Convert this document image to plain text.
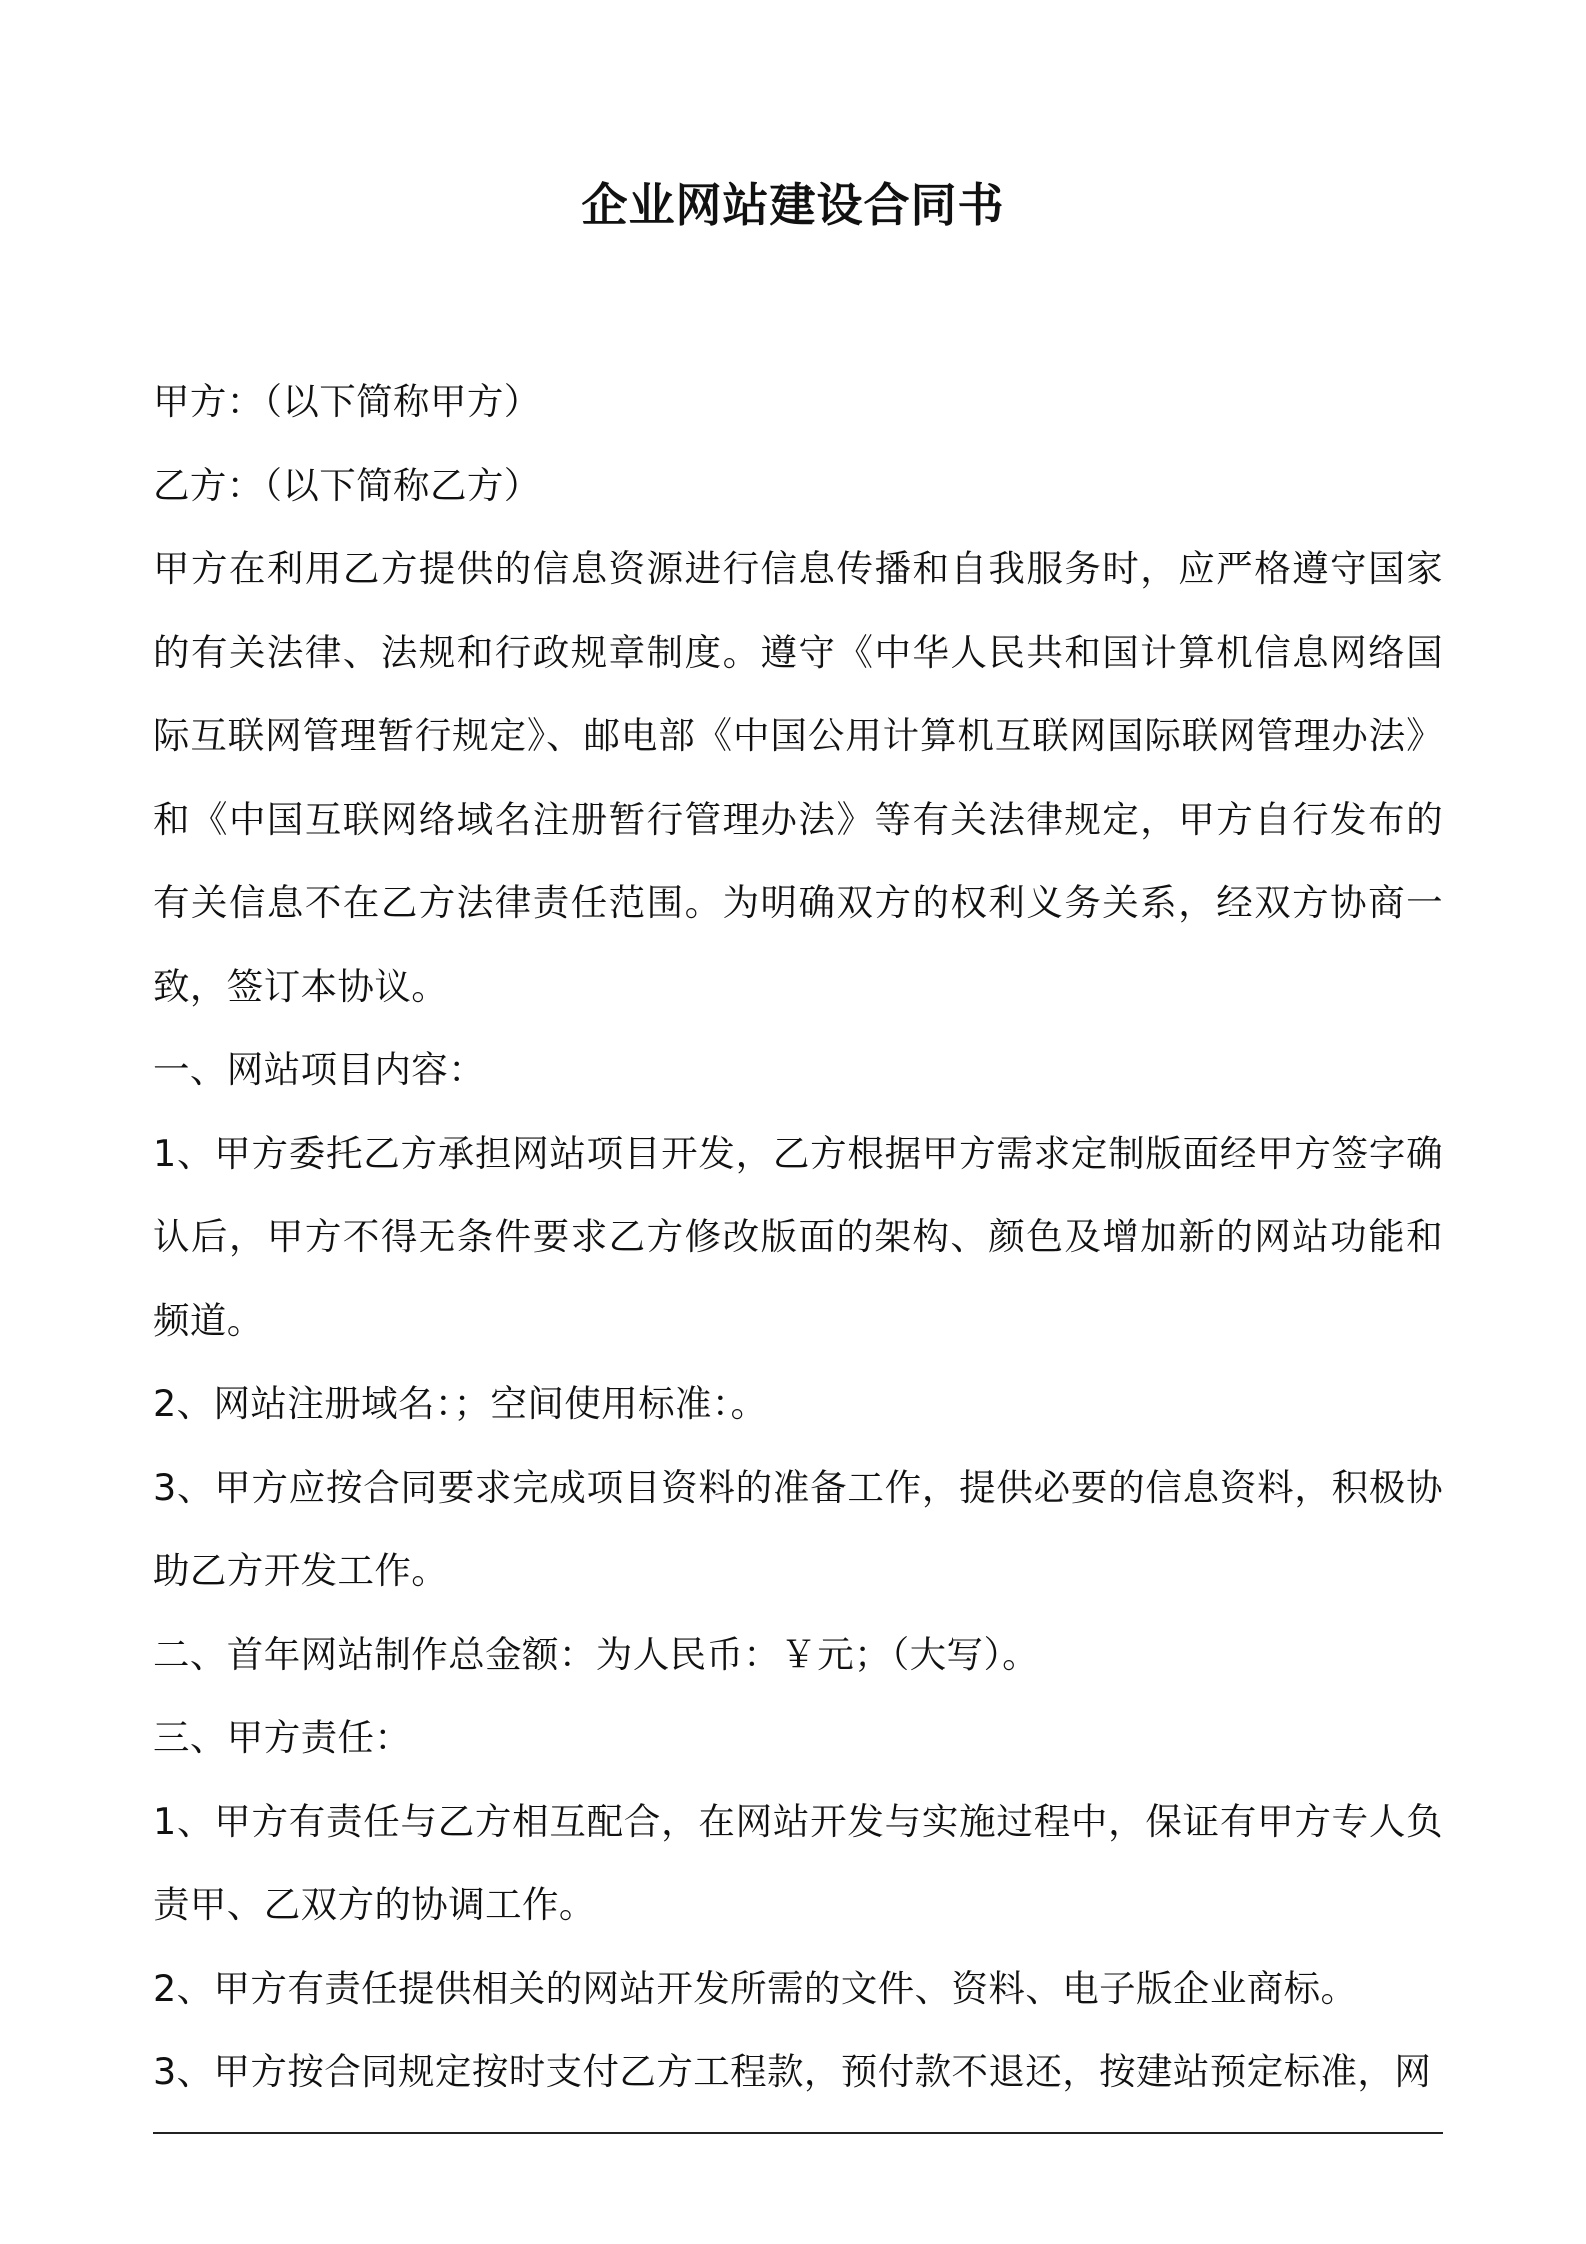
企业网站建设合同书

甲方：（以下简称甲方）

乙方：（以下简称乙方）

甲方在利用乙方提供的信息资源进行信息传播和自我服务时，应严格遵守国家的有关法律、法规和行政规章制度。遵守《中华人民共和国计算机信息网络国际互联网管理暂行规定》、邮电部《中国公用计算机互联网国际联网管理办法》和《中国互联网络域名注册暂行管理办法》等有关法律规定，甲方自行发布的有关信息不在乙方法律责任范围。为明确双方的权利义务关系，经双方协商一致，签订本协议。

一、网站项目内容：

1、甲方委托乙方承担网站项目开发，乙方根据甲方需求定制版面经甲方签字确认后，甲方不得无条件要求乙方修改版面的架构、颜色及增加新的网站功能和频道。

2、网站注册域名：；空间使用标准：。

3、甲方应按合同要求完成项目资料的准备工作，提供必要的信息资料，积极协助乙方开发工作。

二、首年网站制作总金额：为人民币：￥元；（大写）。

三、甲方责任：

1、甲方有责任与乙方相互配合，在网站开发与实施过程中，保证有甲方专人负责甲、乙双方的协调工作。

2、甲方有责任提供相关的网站开发所需的文件、资料、电子版企业商标。

3、甲方按合同规定按时支付乙方工程款，预付款不退还，按建站预定标准，网
